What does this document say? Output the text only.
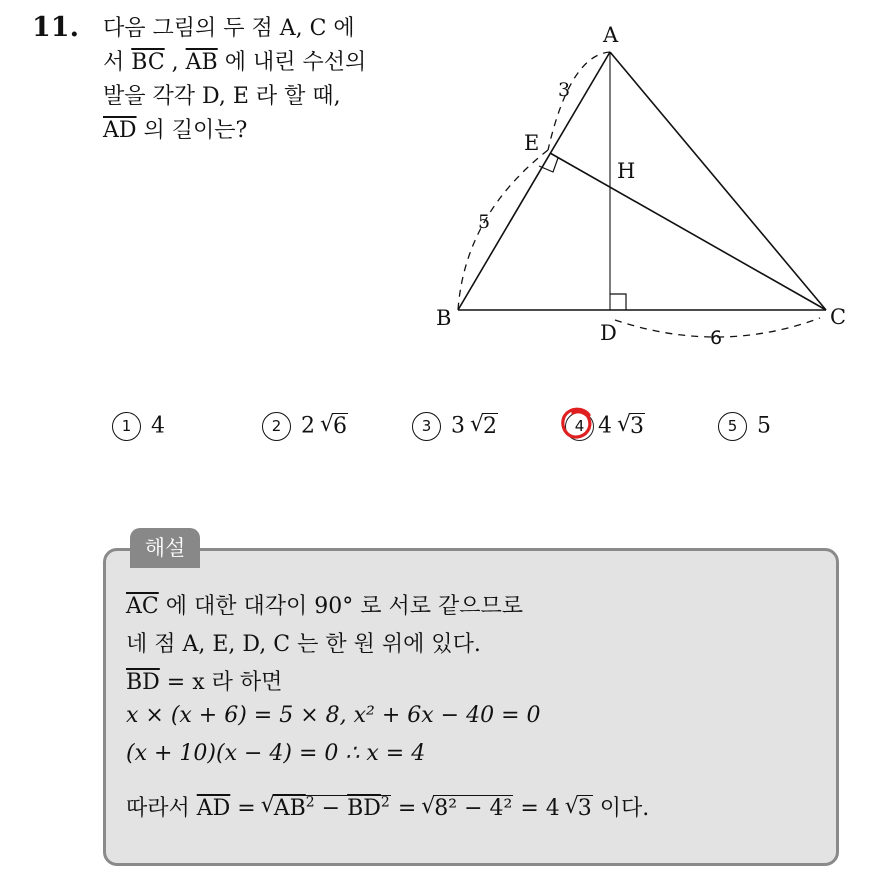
11. 다음 그림의 두 점 A, C 에
서 $\overline{BC}$ , $\overline{AB}$ 에 내린 수선의
발을 각각 D, E 라 할 때,
$\overline{AD}$ 의 길이는?
A
B	C
D
E
H
3
5
6
1 4	2 2 √ 6	3 3 √ 2	4 4 √ 3	5 5
해설
$\overline{AC}$ 에 대한 대각이 90° 로 서로 같으므로
네 점 A, E, D, C 는 한 원 위에 있다.
$\overline{BD} = x$ 라 하면
x × (x + 6) = 5 × 8, x² + 6x − 40 = 0
(x + 10)(x − 4) = 0 ∴ x = 4
따라서 $\overline{AD}$ = √ $\overline{AB}^2 - \overline{BD}^2$ = √ 8² − 4² = 4 √ 3 이다.
